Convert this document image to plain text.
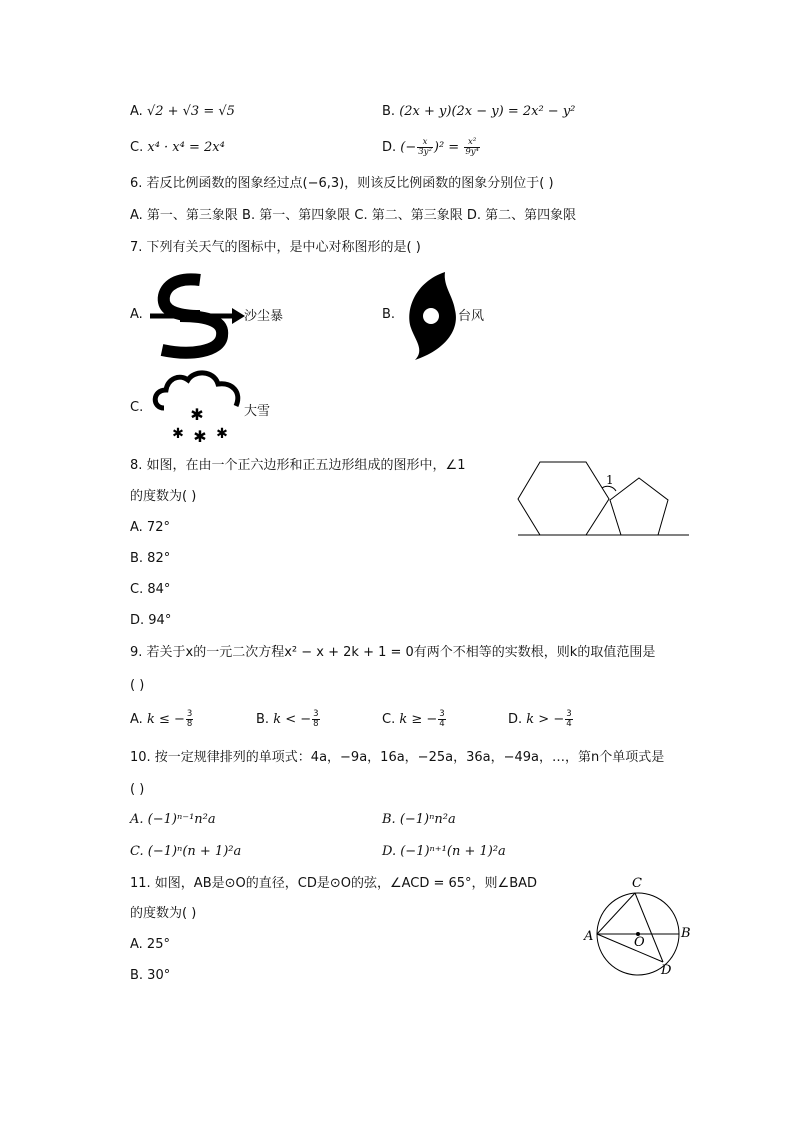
A. √2 + √3 = √5	B. (2x + y)(2x − y) = 2x² − y²
C. x⁴ · x⁴ = 2x⁴	D. (− $\frac{x}{\text{3y²}} )^2 = \frac{\text{x²}}{\text{9y⁴}}$
6. 若反比例函数的图象经过点(−6,3)，则该反比例函数的图象分别位于( )
A. 第一、第三象限 B. 第一、第四象限 C. 第二、第三象限 D. 第二、第四象限
7. 下列有关天气的图标中，是中心对称图形的是( )
A.	沙尘暴	B.	台风
C.	✱
✱ ✱ ✱
大雪
8. 如图，在由一个正六边形和正五边形组成的图形中，∠1
的度数为( )
1
A. 72°
B. 82°
C. 84°
D. 94°
9. 若关于x的一元二次方程x² − x + 2k + 1 = 0有两个不相等的实数根，则k的取值范围是
( )
A. k ≤ − $\frac{3}{8}$	B. k < − $\frac{3}{8}$	C. k ≥ − $\frac{3}{4}$	D. k > − $\frac{3}{4}$
10. 按一定规律排列的单项式：4a，−9a，16a，−25a，36a，−49a，…，第n个单项式是
( )
A. (−1)ⁿ⁻¹n²a	B. (−1)ⁿn²a
C. (−1)ⁿ(n + 1)²a	D. (−1)ⁿ⁺¹(n + 1)²a
11. 如图，AB是⊙O的直径，CD是⊙O的弦，∠ACD = 65°，则∠BAD
的度数为( )
A	B
C
D
O
A. 25°
B. 30°
